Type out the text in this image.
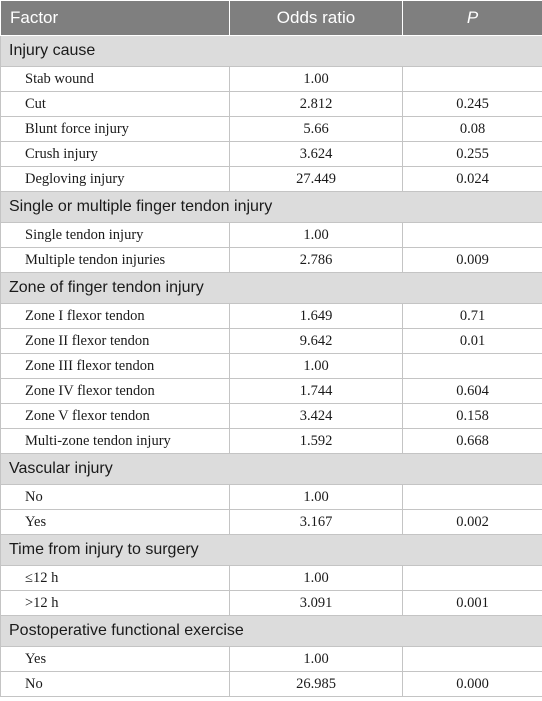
Factor	Odds ratio	P
Injury cause		
Stab wound	1.00	
Cut	2.812	0.245
Blunt force injury	5.66	0.08
Crush injury	3.624	0.255
Degloving injury	27.449	0.024
Single or multiple finger tendon injury		
Single tendon injury	1.00	
Multiple tendon injuries	2.786	0.009
Zone of finger tendon injury		
Zone I flexor tendon	1.649	0.71
Zone II flexor tendon	9.642	0.01
Zone III flexor tendon	1.00	
Zone IV flexor tendon	1.744	0.604
Zone V flexor tendon	3.424	0.158
Multi-zone tendon injury	1.592	0.668
Vascular injury		
No	1.00	
Yes	3.167	0.002
Time from injury to surgery		
≤12 h	1.00	
>12 h	3.091	0.001
Postoperative functional exercise		
Yes	1.00	
No	26.985	0.000
